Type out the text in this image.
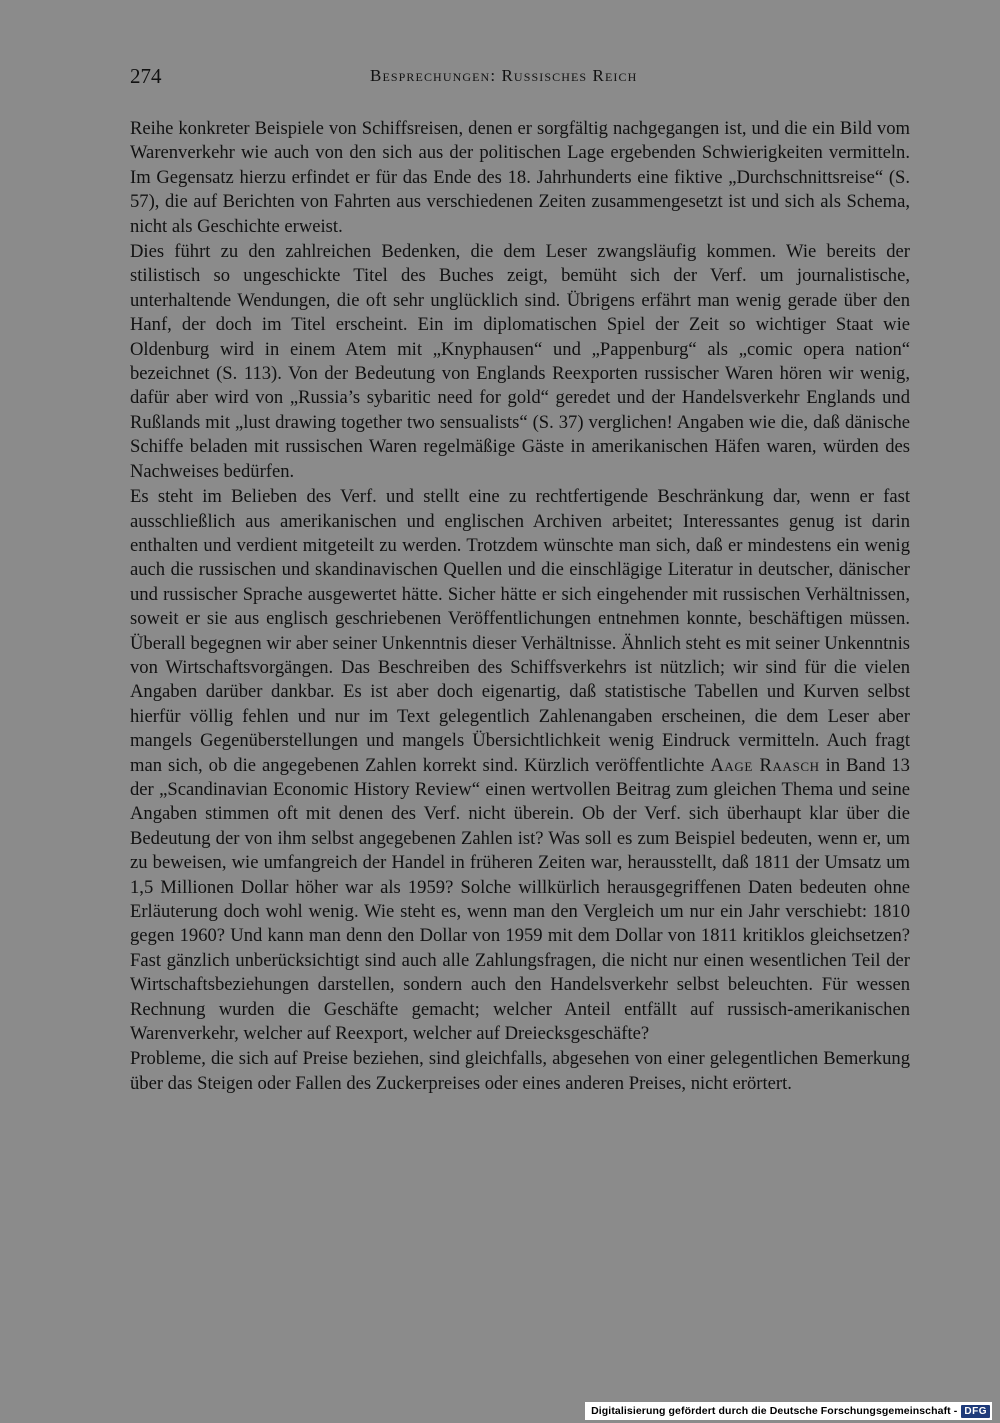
274	Besprechungen: Russisches Reich

Reihe konkreter Beispiele von Schiffsreisen, denen er sorgfältig nachgegangen ist, und die ein Bild vom Warenverkehr wie auch von den sich aus der politischen Lage ergebenden Schwierigkeiten vermitteln. Im Gegensatz hierzu erfindet er für das Ende des 18. Jahrhunderts eine fiktive „Durchschnittsreise“ (S. 57), die auf Berichten von Fahrten aus verschiedenen Zeiten zusammengesetzt ist und sich als Schema, nicht als Geschichte erweist.

Dies führt zu den zahlreichen Bedenken, die dem Leser zwangsläufig kommen. Wie bereits der stilistisch so ungeschickte Titel des Buches zeigt, bemüht sich der Verf. um journalistische, unterhaltende Wendungen, die oft sehr unglücklich sind. Übrigens erfährt man wenig gerade über den Hanf, der doch im Titel erscheint. Ein im diplomatischen Spiel der Zeit so wichtiger Staat wie Oldenburg wird in einem Atem mit „Knyphausen“ und „Pappenburg“ als „comic opera nation“ bezeichnet (S. 113). Von der Bedeutung von Englands Reexporten russischer Waren hören wir wenig, dafür aber wird von „Russia’s sybaritic need for gold“ geredet und der Handelsverkehr Englands und Rußlands mit „lust drawing together two sensualists“ (S. 37) verglichen! Angaben wie die, daß dänische Schiffe beladen mit russischen Waren regelmäßige Gäste in amerikanischen Häfen waren, würden des Nachweises bedürfen.

Es steht im Belieben des Verf. und stellt eine zu rechtfertigende Beschränkung dar, wenn er fast ausschließlich aus amerikanischen und englischen Archiven arbeitet; Interessantes genug ist darin enthalten und verdient mitgeteilt zu werden. Trotzdem wünschte man sich, daß er mindestens ein wenig auch die russischen und skandinavischen Quellen und die einschlägige Literatur in deutscher, dänischer und russischer Sprache ausgewertet hätte. Sicher hätte er sich eingehender mit russischen Verhältnissen, soweit er sie aus englisch geschriebenen Veröffentlichungen entnehmen konnte, beschäftigen müssen. Überall begegnen wir aber seiner Unkenntnis dieser Verhältnisse. Ähnlich steht es mit seiner Unkenntnis von Wirtschaftsvorgängen. Das Beschreiben des Schiffsverkehrs ist nützlich; wir sind für die vielen Angaben darüber dankbar. Es ist aber doch eigenartig, daß statistische Tabellen und Kurven selbst hierfür völlig fehlen und nur im Text gelegentlich Zahlenangaben erscheinen, die dem Leser aber mangels Gegenüberstellungen und mangels Übersichtlichkeit wenig Eindruck vermitteln. Auch fragt man sich, ob die angegebenen Zahlen korrekt sind. Kürzlich veröffentlichte Aage Raasch in Band 13 der „Scandinavian Economic History Review“ einen wertvollen Beitrag zum gleichen Thema und seine Angaben stimmen oft mit denen des Verf. nicht überein. Ob der Verf. sich überhaupt klar über die Bedeutung der von ihm selbst angegebenen Zahlen ist? Was soll es zum Beispiel bedeuten, wenn er, um zu beweisen, wie umfangreich der Handel in früheren Zeiten war, herausstellt, daß 1811 der Umsatz um 1,5 Millionen Dollar höher war als 1959? Solche willkürlich herausgegriffenen Daten bedeuten ohne Erläuterung doch wohl wenig. Wie steht es, wenn man den Vergleich um nur ein Jahr verschiebt: 1810 gegen 1960? Und kann man denn den Dollar von 1959 mit dem Dollar von 1811 kritiklos gleichsetzen? Fast gänzlich unberücksichtigt sind auch alle Zahlungsfragen, die nicht nur einen wesentlichen Teil der Wirtschaftsbeziehungen darstellen, sondern auch den Handelsverkehr selbst beleuchten. Für wessen Rechnung wurden die Geschäfte gemacht; welcher Anteil entfällt auf russisch-amerikanischen Warenverkehr, welcher auf Reexport, welcher auf Dreiecksgeschäfte?

Probleme, die sich auf Preise beziehen, sind gleichfalls, abgesehen von einer gelegentlichen Bemerkung über das Steigen oder Fallen des Zuckerpreises oder eines anderen Preises, nicht erörtert.

Digitalisierung gefördert durch die Deutsche Forschungsgemeinschaft - DFG
